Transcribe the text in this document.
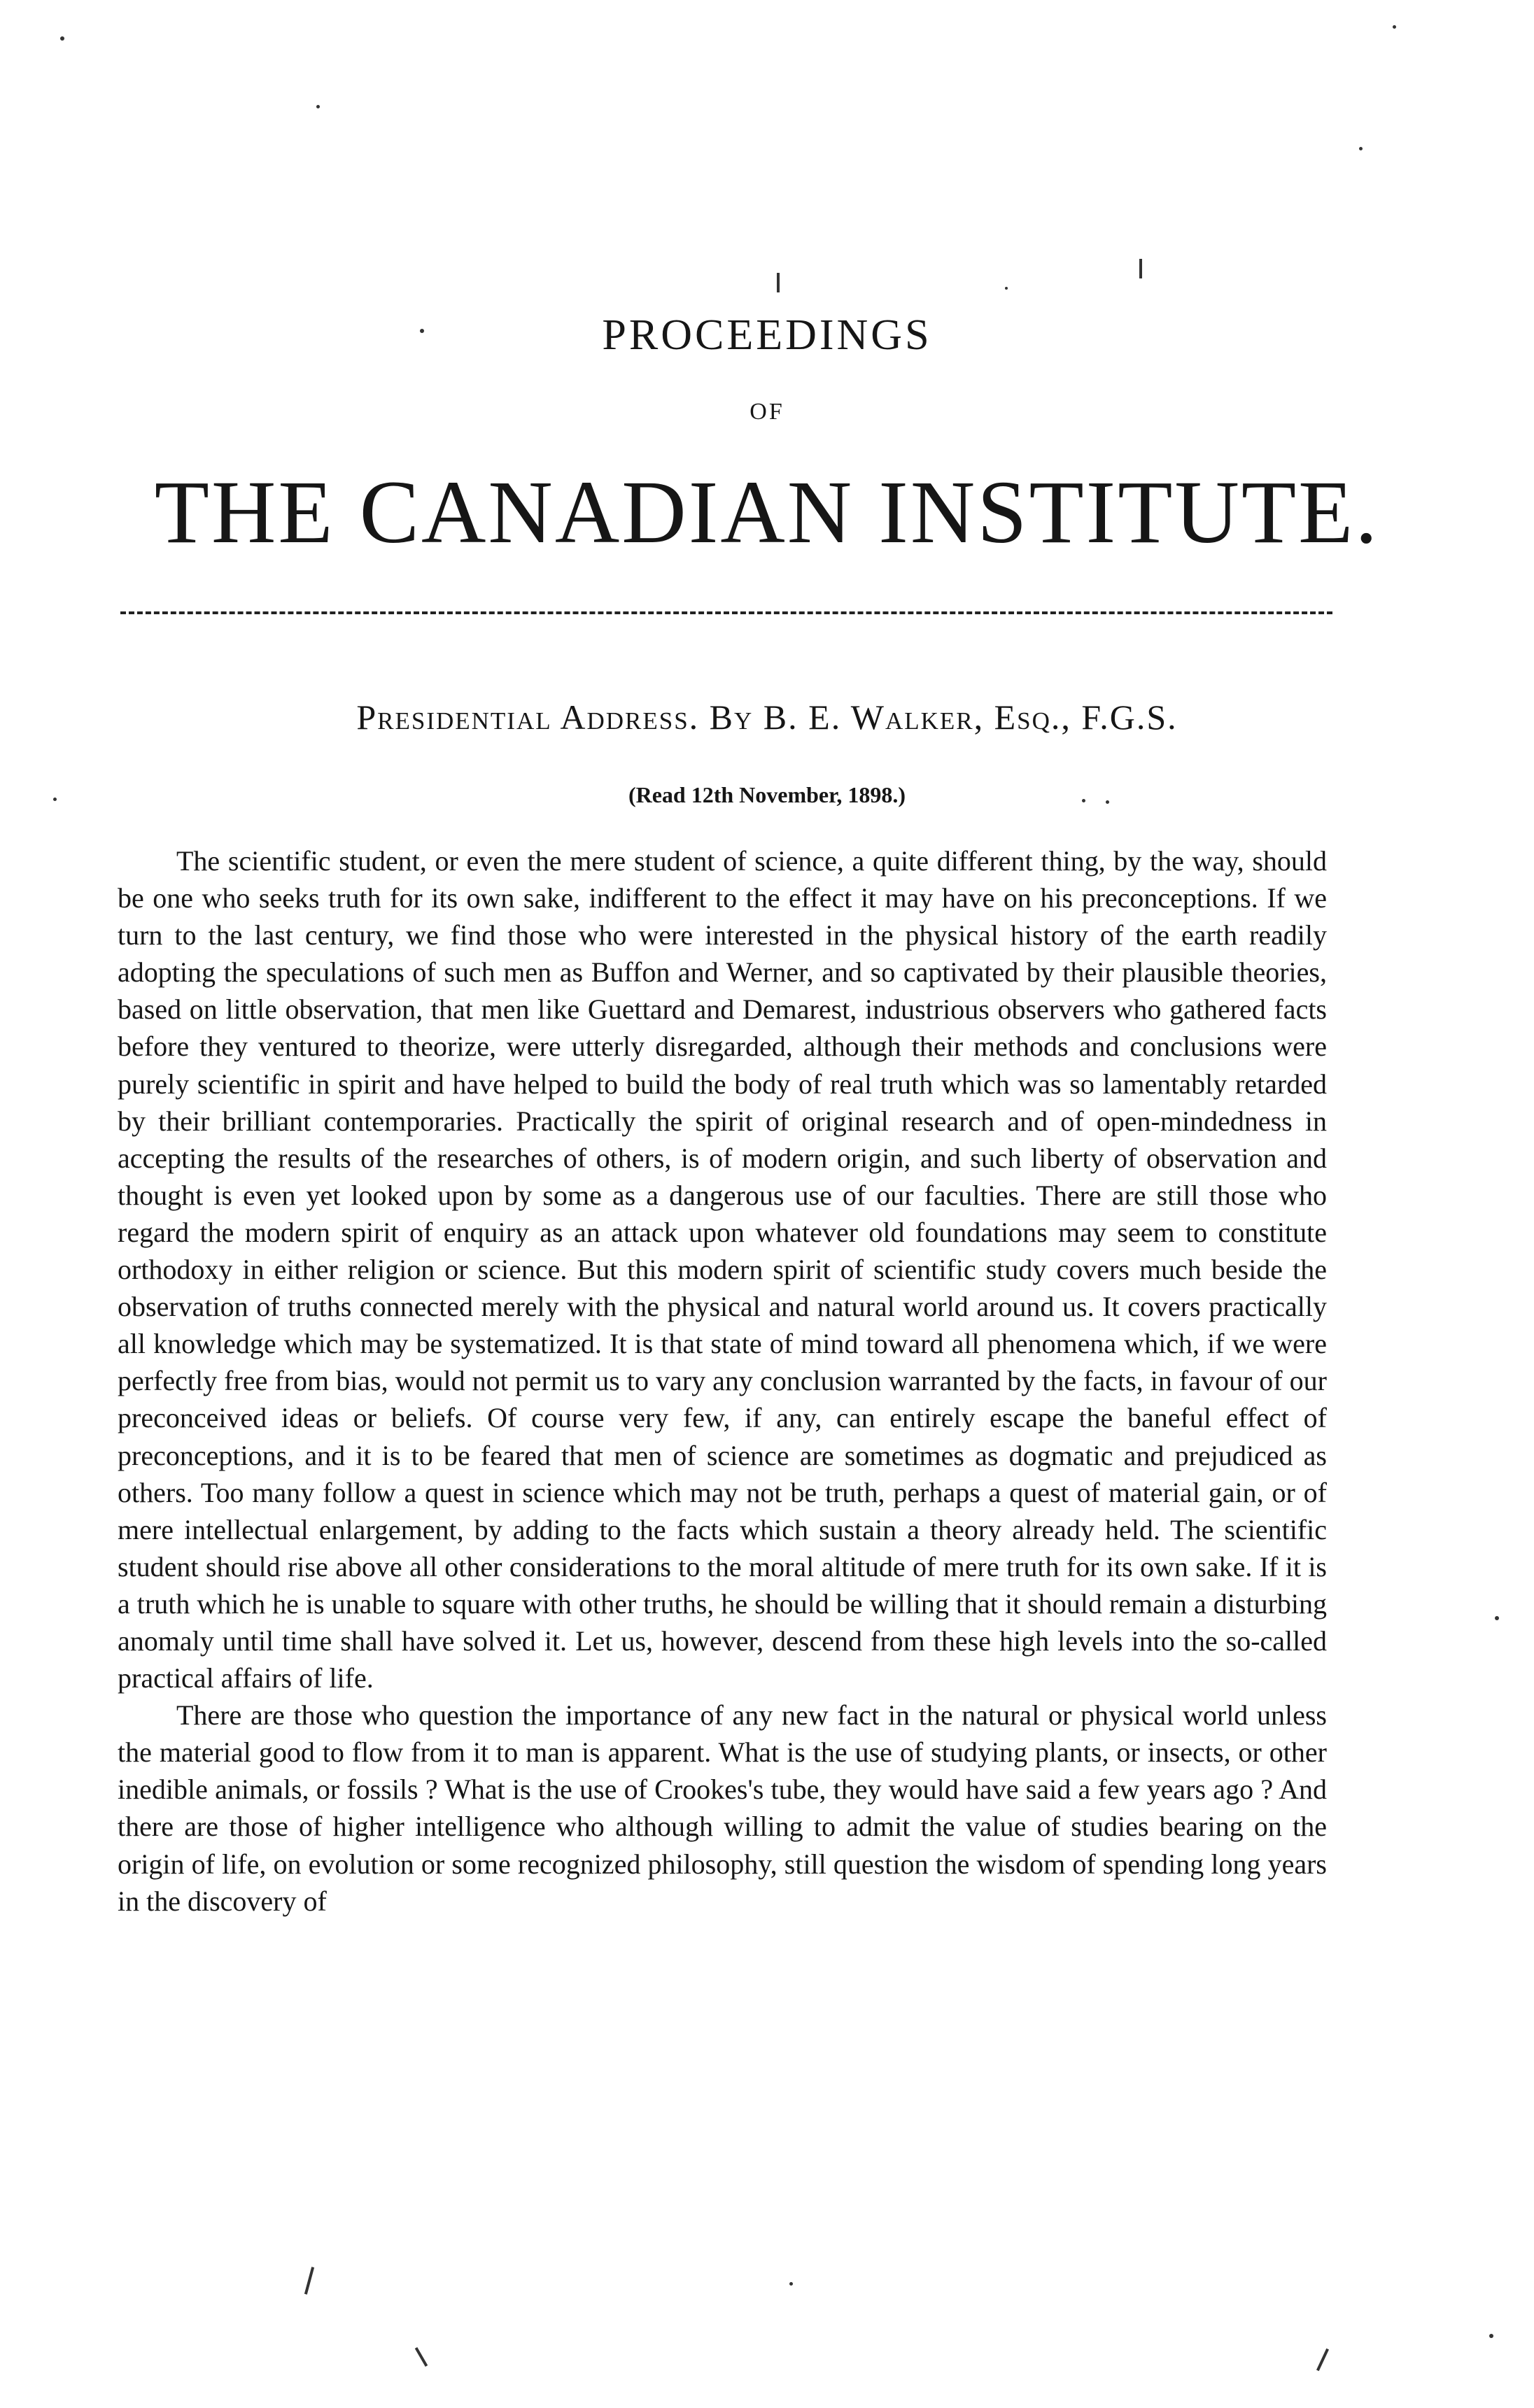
PROCEEDINGS
OF
THE CANADIAN INSTITUTE.
Presidential Address. By B. E. Walker, Esq., F.G.S.
(Read 12th November, 1898.)

The scientific student, or even the mere student of science, a quite different thing, by the way, should be one who seeks truth for its own sake, indifferent to the effect it may have on his preconceptions. If we turn to the last century, we find those who were interested in the physical history of the earth readily adopting the speculations of such men as Buffon and Werner, and so captivated by their plausible theories, based on little observation, that men like Guettard and Demarest, industrious observers who gathered facts before they ventured to theorize, were utterly disregarded, although their methods and conclusions were purely scientific in spirit and have helped to build the body of real truth which was so lamentably retarded by their brilliant contemporaries. Practically the spirit of original research and of open-mindedness in accepting the results of the researches of others, is of modern origin, and such liberty of observation and thought is even yet looked upon by some as a dangerous use of our faculties. There are still those who regard the modern spirit of enquiry as an attack upon whatever old foundations may seem to constitute orthodoxy in either religion or science. But this modern spirit of scientific study covers much beside the observation of truths connected merely with the physical and natural world around us. It covers practically all knowledge which may be systematized. It is that state of mind toward all phenomena which, if we were perfectly free from bias, would not permit us to vary any conclusion warranted by the facts, in favour of our preconceived ideas or beliefs. Of course very few, if any, can entirely escape the baneful effect of preconceptions, and it is to be feared that men of science are sometimes as dogmatic and prejudiced as others. Too many follow a quest in science which may not be truth, perhaps a quest of material gain, or of mere intellectual enlargement, by adding to the facts which sustain a theory already held. The scientific student should rise above all other considerations to the moral altitude of mere truth for its own sake. If it is a truth which he is unable to square with other truths, he should be willing that it should remain a disturbing anomaly until time shall have solved it. Let us, however, descend from these high levels into the so-called practical affairs of life.

There are those who question the importance of any new fact in the natural or physical world unless the material good to flow from it to man is apparent. What is the use of studying plants, or insects, or other inedible animals, or fossils ? What is the use of Crookes's tube, they would have said a few years ago ? And there are those of higher intelligence who although willing to admit the value of studies bearing on the origin of life, on evolution or some recognized philosophy, still question the wisdom of spending long years in the discovery of
